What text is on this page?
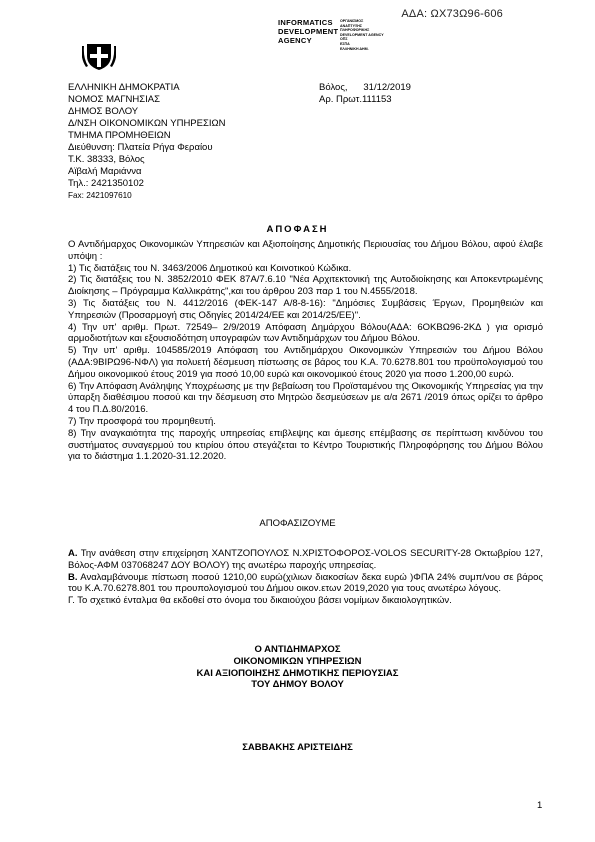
ΑΔΑ: ΩΧ73Ω96-606
INFORMATICS
DEVELOPMENT
AGENCY
ΟΡΓΑΝΙΣΜΟΣ
ΑΝΑΠΤΥΞΗΣ
ΠΛΗΡΟΦΟΡΙΚΗΣ
DEVELOPMENT AGENCY
ΟΠΣ
ΕΣΠΑ
ΕΛΛΗΝΙΚΗ ΔΗΜ.
ΕΛΛΗΝΙΚΗ ΔΗΜΟΚΡΑΤΙΑ
ΝΟΜΟΣ ΜΑΓΝΗΣΙΑΣ
ΔΗΜΟΣ ΒΟΛΟΥ
Δ/ΝΣΗ ΟΙΚΟΝΟΜΙΚΩΝ ΥΠΗΡΕΣΙΩΝ
ΤΜΗΜΑ ΠΡΟΜΗΘΕΙΩΝ
Διεύθυνση: Πλατεία Ρήγα Φεραίου
Τ.Κ. 38333, Βόλος
Αϊβαλή Μαριάννα
Τηλ.: 2421350102
Fax: 2421097610
Βόλος,      31/12/2019
Αρ. Πρωτ.111153
ΑΠΟΦΑΣΗ

Ο Αντιδήμαρχος Οικονομικών Υπηρεσιών και Αξιοποίησης Δημοτικής Περιουσίας του Δήμου Βόλου, αφού έλαβε υπόψη :

1) Τις διατάξεις του Ν. 3463/2006 Δημοτικού και Κοινοτικού Κώδικα.

2) Τις διατάξεις του Ν. 3852/2010 ΦΕΚ 87Α/7.6.10 "Νέα Αρχιτεκτονική της Αυτοδιοίκησης και Αποκεντρωμένης Διοίκησης – Πρόγραμμα Καλλικράτης",και του άρθρου 203 παρ 1 του Ν.4555/2018.

3) Τις διατάξεις του Ν. 4412/2016 (ΦΕΚ-147 Α/8-8-16): "Δημόσιες Συμβάσεις Έργων, Προμηθειών και Υπηρεσιών (Προσαρμογή στις Οδηγίες 2014/24/ΕΕ και 2014/25/ΕΕ)".

4) Την υπ' αριθμ. Πρωτ. 72549– 2/9/2019 Απόφαση Δημάρχου Βόλου(ΑΔΑ: 6ΟΚΒΩ96-2ΚΔ ) για ορισμό αρμοδιοτήτων και εξουσιοδότηση υπογραφών των Αντιδημάρχων του Δήμου Βόλου.

5) Την υπ' αριθμ. 104585/2019 Απόφαση του Αντιδημάρχου Οικονομικών Υπηρεσιών του Δήμου Βόλου (ΑΔΑ:9ΒΙΡΩ96-ΝΦΛ) για πολυετή δέσμευση πίστωσης σε βάρος του Κ.Α. 70.6278.801 του προϋπολογισμού του Δήμου οικονομικού έτους 2019 για ποσό 10,00 ευρώ και οικονομικού έτους 2020 για ποσο 1.200,00 ευρώ.

6) Την Απόφαση Ανάληψης Υποχρέωσης με την βεβαίωση του Προϊσταμένου της Οικονομικής Υπηρεσίας για την ύπαρξη διαθέσιμου ποσού και την δέσμευση στο Μητρώο δεσμεύσεων με α/α 2671 /2019 όπως ορίζει το άρθρο 4 του Π.Δ.80/2016.

7) Την προσφορά του προμηθευτή.

8) Την αναγκαιότητα της παροχής υπηρεσίας επιβλεψης και άμεσης επέμβασης σε περίπτωση κινδύνου του συστήματος συναγερμού του κτιρίου όπου στεγάζεται το Κέντρο Τουριστικής Πληροφόρησης του Δήμου Βόλου για το διάστημα 1.1.2020-31.12.2020.

ΑΠΟΦΑΣΙΖΟΥΜΕ

Α. Την ανάθεση στην επιχείρηση ΧΑΝΤΖΟΠΟΥΛΟΣ Ν.ΧΡΙΣΤΟΦΟΡΟΣ-VOLOS SECURITY-28 Οκτωβρίου 127, Βόλος-ΑΦΜ 037068247 ΔΟΥ ΒΟΛΟΥ) της ανωτέρω παροχής υπηρεσίας.

Β. Αναλαμβάνουμε πίστωση ποσού 1210,00 ευρώ(χιλιων διακοσίων δεκα ευρώ )ΦΠΑ 24% συμπ/νου σε βάρος του Κ.Α.70.6278.801 του προυπολογισμού του Δήμου οικον.ετων 2019,2020 για τους ανωτέρω λόγους.

Γ. Το σχετικό ένταλμα θα εκδοθεί στο όνομα του δικαιούχου βάσει νομίμων δικαιολογητικών.

Ο ΑΝΤΙΔΗΜΑΡΧΟΣ
ΟΙΚΟΝΟΜΙΚΩΝ ΥΠΗΡΕΣΙΩΝ
ΚΑΙ ΑΞΙΟΠΟΙΗΣΗΣ ΔΗΜΟΤΙΚΗΣ ΠΕΡΙΟΥΣΙΑΣ
ΤΟΥ ΔΗΜΟΥ ΒΟΛΟΥ
ΣΑΒΒΑΚΗΣ ΑΡΙΣΤΕΙΔΗΣ
1
